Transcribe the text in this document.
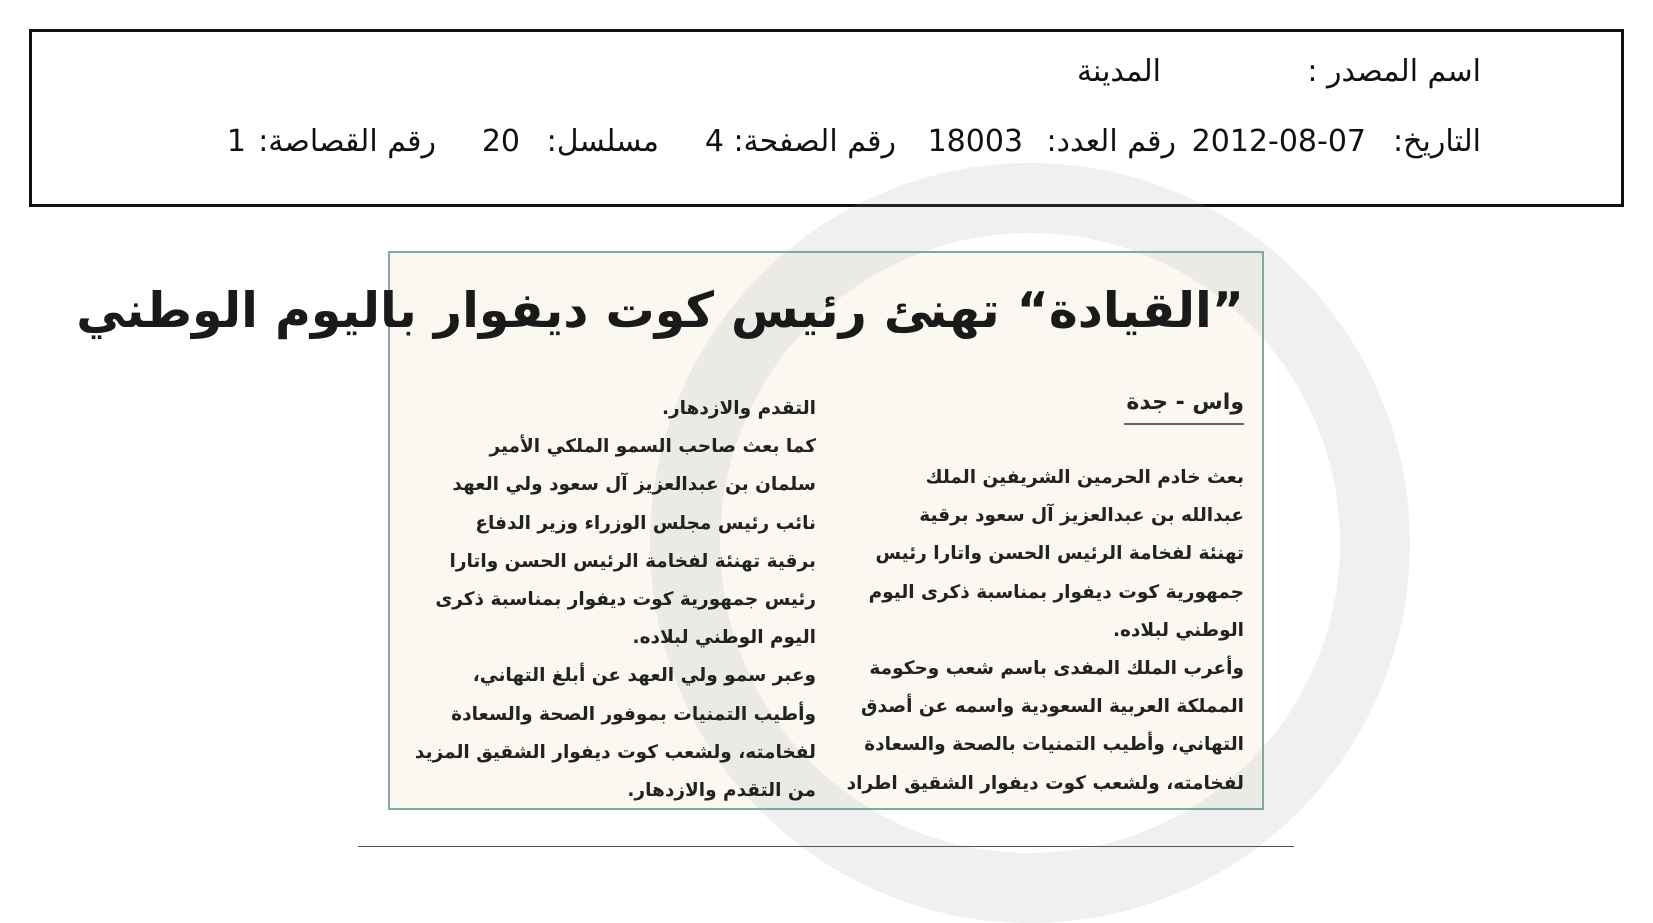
اسم المصدر :
المدينة
التاريخ:
2012-08-07
رقم العدد:
18003
رقم الصفحة:
4
مسلسل:
20
رقم القصاصة:
1
”القيادة“ تهنئ رئيس كوت ديفوار باليوم الوطني
واس - جدة
بعث خادم الحرمين الشريفين الملك
عبدالله بن عبدالعزيز آل سعود برقية
تهنئة لفخامة الرئيس الحسن واتارا رئيس
جمهورية كوت ديفوار بمناسبة ذكرى اليوم
الوطني لبلاده.
وأعرب الملك المفدى باسم شعب وحكومة
المملكة العربية السعودية واسمه عن أصدق
التهاني، وأطيب التمنيات بالصحة والسعادة
لفخامته، ولشعب كوت ديفوار الشقيق اطراد
التقدم والازدهار.
كما بعث صاحب السمو الملكي الأمير
سلمان بن عبدالعزيز آل سعود ولي العهد
نائب رئيس مجلس الوزراء وزير الدفاع
برقية تهنئة لفخامة الرئيس الحسن واتارا
رئيس جمهورية كوت ديفوار بمناسبة ذكرى
اليوم الوطني لبلاده.
وعبر سمو ولي العهد عن أبلغ التهاني،
وأطيب التمنيات بموفور الصحة والسعادة
لفخامته، ولشعب كوت ديفوار الشقيق المزيد
من التقدم والازدهار.
